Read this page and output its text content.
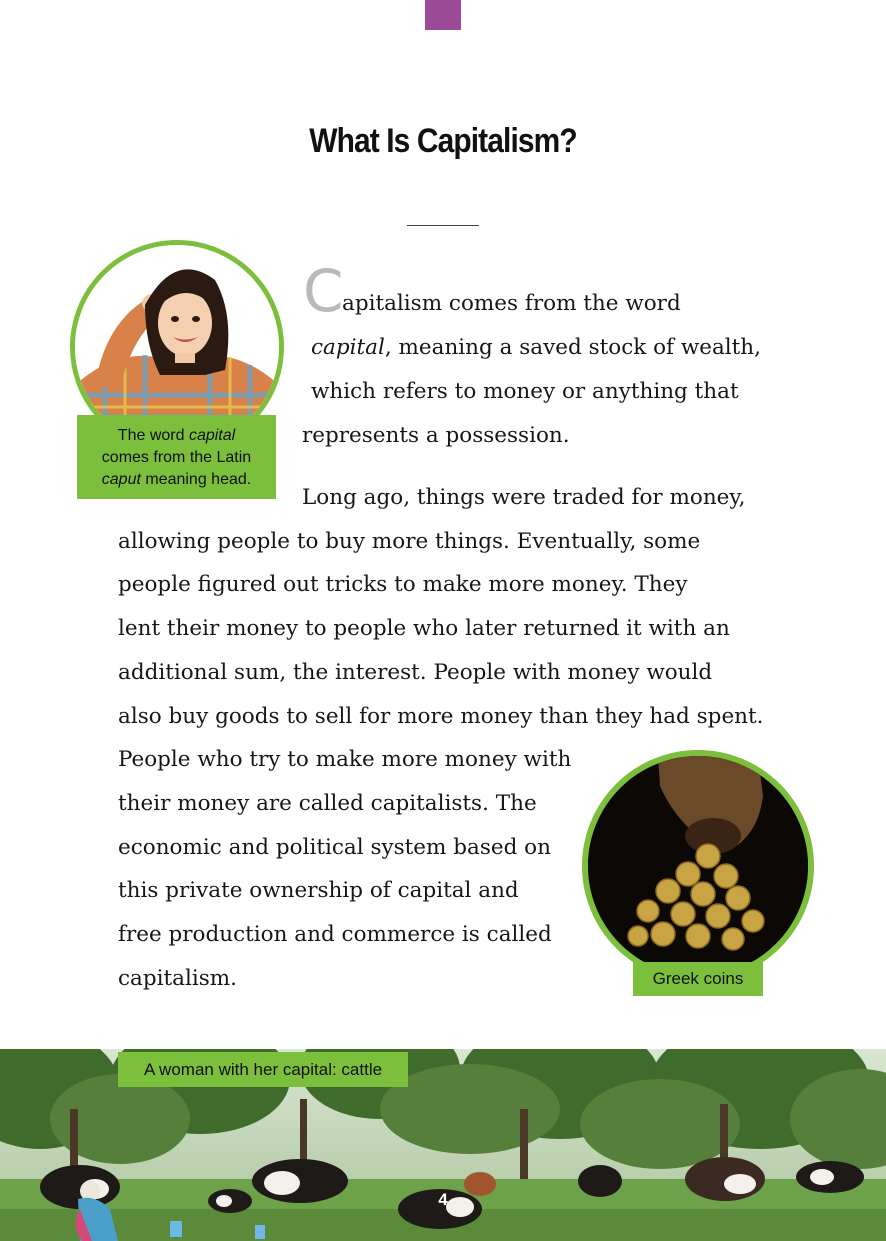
What Is Capitalism?
The word capital
comes from the Latin
caput meaning head.
C
apitalism comes from the word
capital, meaning a saved stock of wealth,
which refers to money or anything that
represents a possession.
Long ago, things were traded for money,
allowing people to buy more things. Eventually, some
people figured out tricks to make more money. They
lent their money to people who later returned it with an
additional sum, the interest. People with money would
also buy goods to sell for more money than they had spent.
People who try to make more money with
their money are called capitalists. The
economic and political system based on
this private ownership of capital and
free production and commerce is called
capitalism.	Greek coins
A woman with her capital: cattle
4
